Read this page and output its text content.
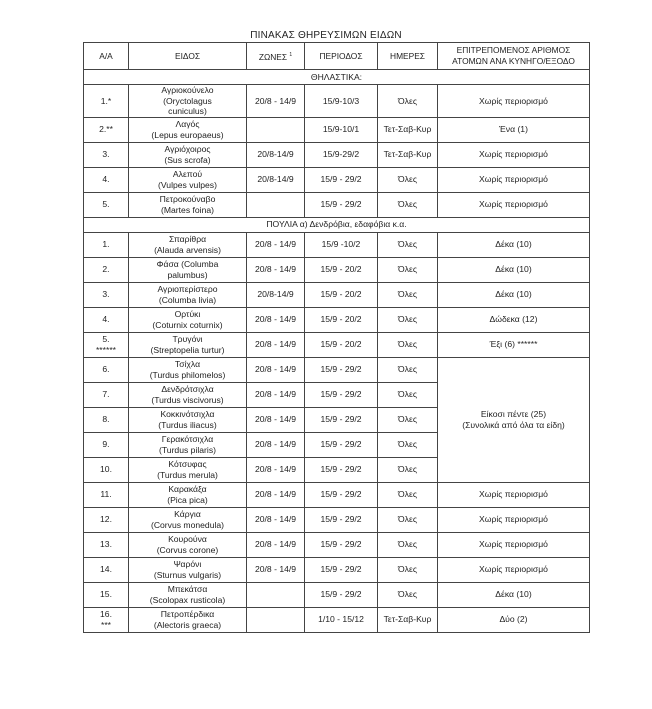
ΠΙΝΑΚΑΣ ΘΗΡΕΥΣΙΜΩΝ ΕΙΔΩΝ
Α/Α	ΕΙΔΟΣ	ΖΩΝΕΣ $^1$	ΠΕΡΙΟΔΟΣ	ΗΜΕΡΕΣ	ΕΠΙΤΡΕΠΟΜΕΝΟΣ ΑΡΙΘΜΟΣ
ΑΤΟΜΩΝ ΑΝΑ ΚΥΝΗΓΟ/ΕΞΟΔΟ

ΘΗΛΑΣΤΙΚΑ:					
1.*	Αγριοκούνελο
(Oryctolagus
cuniculus)	20/8 - 14/9	15/9-10/3	Όλες	Χωρίς περιορισμό
2.**	Λαγός
(Lepus europaeus)		15/9-10/1	Τετ-Σαβ-Κυρ	Ένα (1)
3.	Αγριόχοιρος
(Sus scrofa)	20/8-14/9	15/9-29/2	Τετ-Σαβ-Κυρ	Χωρίς περιορισμό
4.	Αλεπού
(Vulpes vulpes)	20/8-14/9	15/9 - 29/2	Όλες	Χωρίς περιορισμό
5.	Πετροκούναβο
(Martes foina)		15/9 - 29/2	Όλες	Χωρίς περιορισμό
ΠΟΥΛΙΑ α) Δενδρόβια, εδαφόβια κ.α.					
1.	Σπαρίθρα
(Alauda arvensis)	20/8 - 14/9	15/9 -10/2	Όλες	Δέκα (10)
2.	Φάσα (Columba
palumbus)	20/8 - 14/9	15/9 - 20/2	Όλες	Δέκα (10)
3.	Αγριοπερίστερο
(Columba livia)	20/8-14/9	15/9 - 20/2	Όλες	Δέκα (10)
4.	Ορτύκι
(Coturnix coturnix)	20/8 - 14/9	15/9 - 20/2	Όλες	Δώδεκα (12)

5.
******	Τρυγόνι
(Streptopelia turtur)	20/8 - 14/9	15/9 - 20/2	Όλες	Έξι (6) ******
6.	Τσίχλα
(Turdus philomelos)	20/8 - 14/9	15/9 - 29/2	Όλες	Είκοσι πέντε (25)
(Συνολικά από όλα τα είδη)

7.	Δενδρότσιχλα
(Turdus viscivorus)	20/8 - 14/9	15/9 - 29/2	Όλες	
8.	Κοκκινότσιχλα
(Turdus iliacus)	20/8 - 14/9	15/9 - 29/2	Όλες	
9.	Γερακότσιχλα
(Turdus pilaris)	20/8 - 14/9	15/9 - 29/2	Όλες	
10.	Κότσυφας
(Turdus merula)	20/8 - 14/9	15/9 - 29/2	Όλες	
11.	Καρακάξα
(Pica pica)	20/8 - 14/9	15/9 - 29/2	Όλες	Χωρίς περιορισμό
12.	Κάργια
(Corvus monedula)	20/8 - 14/9	15/9 - 29/2	Όλες	Χωρίς περιορισμό
13.	Κουρούνα
(Corvus corone)	20/8 - 14/9	15/9 - 29/2	Όλες	Χωρίς περιορισμό
14.	Ψαρόνι
(Sturnus vulgaris)	20/8 - 14/9	15/9 - 29/2	Όλες	Χωρίς περιορισμό
15.	Μπεκάτσα
(Scolopax rusticola)		15/9 - 29/2	Όλες	Δέκα (10)

16.
***	Πετροπέρδικα
(Alectoris graeca)		1/10 - 15/12	Τετ-Σαβ-Κυρ	Δύο (2)
